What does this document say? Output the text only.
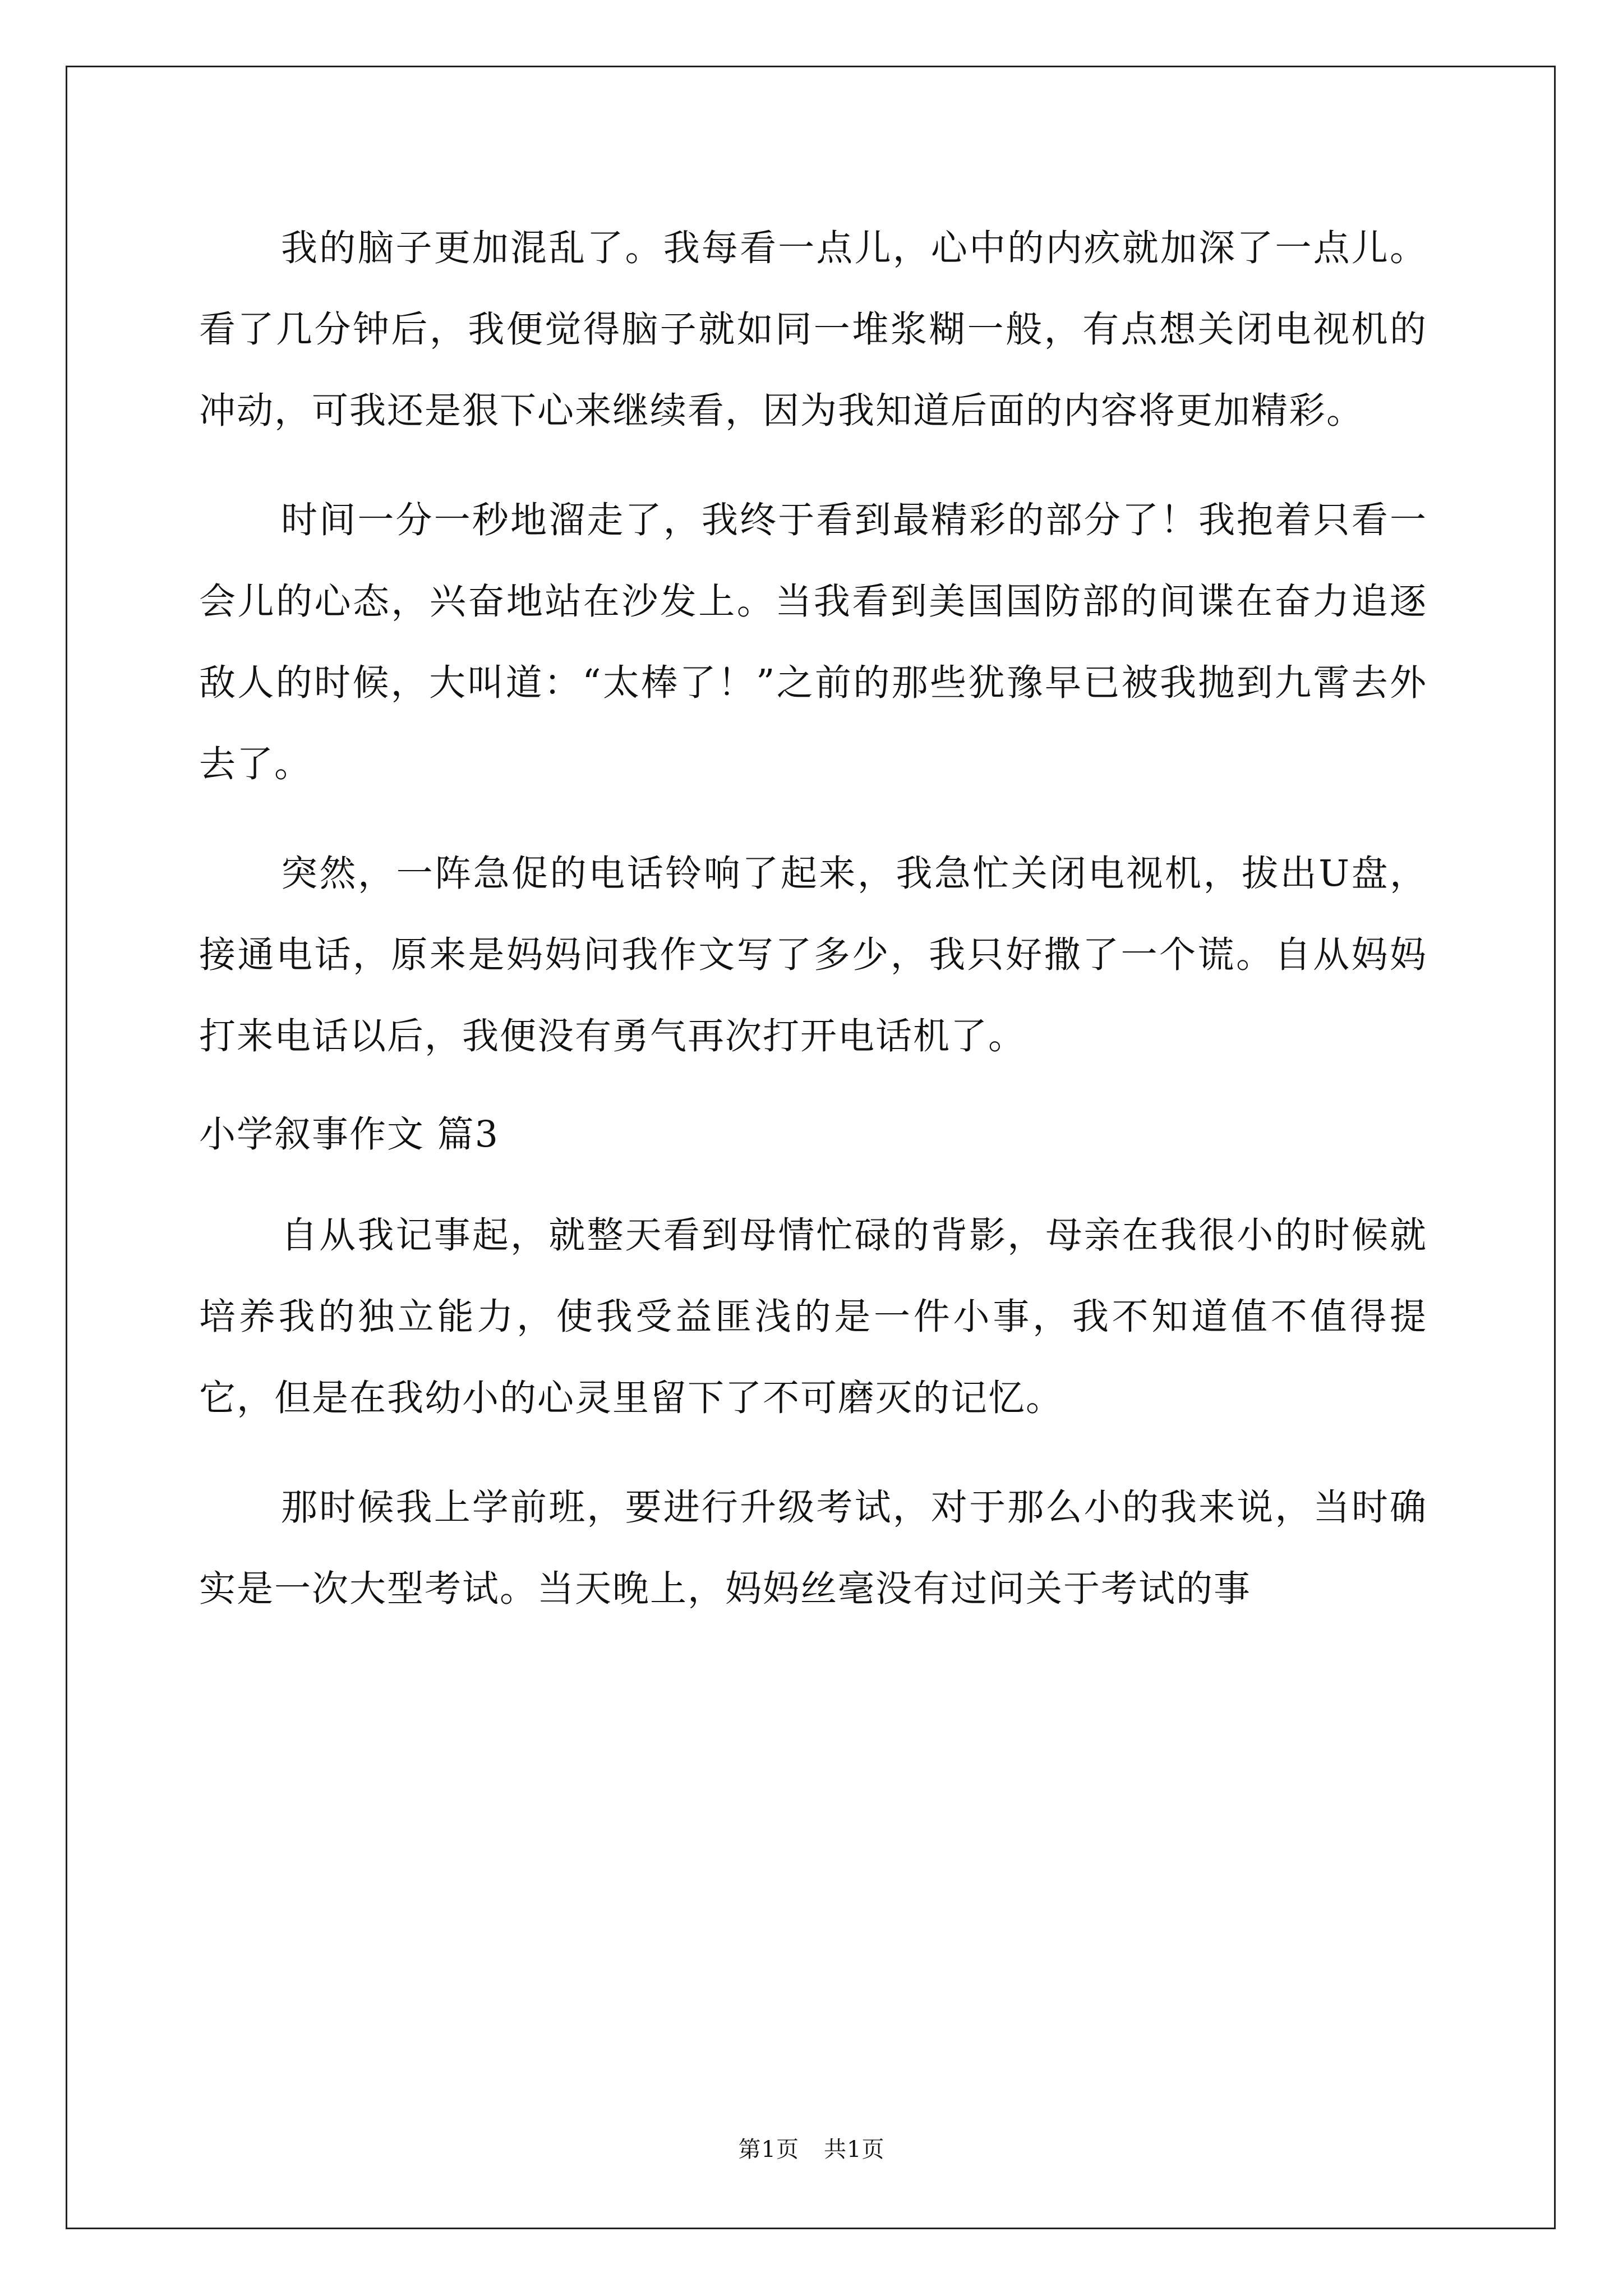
我的脑子更加混乱了。我每看一点儿，心中的内疚就加深了一点儿。看了几分钟后，我便觉得脑子就如同一堆浆糊一般，有点想关闭电视机的冲动，可我还是狠下心来继续看，因为我知道后面的内容将更加精彩。

时间一分一秒地溜走了，我终于看到最精彩的部分了！我抱着只看一会儿的心态，兴奋地站在沙发上。当我看到美国国防部的间谍在奋力追逐敌人的时候，大叫道：“太棒了！”之前的那些犹豫早已被我抛到九霄去外去了。

突然，一阵急促的电话铃响了起来，我急忙关闭电视机，拔出U盘，接通电话，原来是妈妈问我作文写了多少，我只好撒了一个谎。自从妈妈打来电话以后，我便没有勇气再次打开电话机了。

小学叙事作文 篇3

自从我记事起，就整天看到母情忙碌的背影，母亲在我很小的时候就培养我的独立能力，使我受益匪浅的是一件小事，我不知道值不值得提它，但是在我幼小的心灵里留下了不可磨灭的记忆。

那时候我上学前班，要进行升级考试，对于那么小的我来说，当时确实是一次大型考试。当天晚上，妈妈丝毫没有过问关于考试的事

第1页 共1页
